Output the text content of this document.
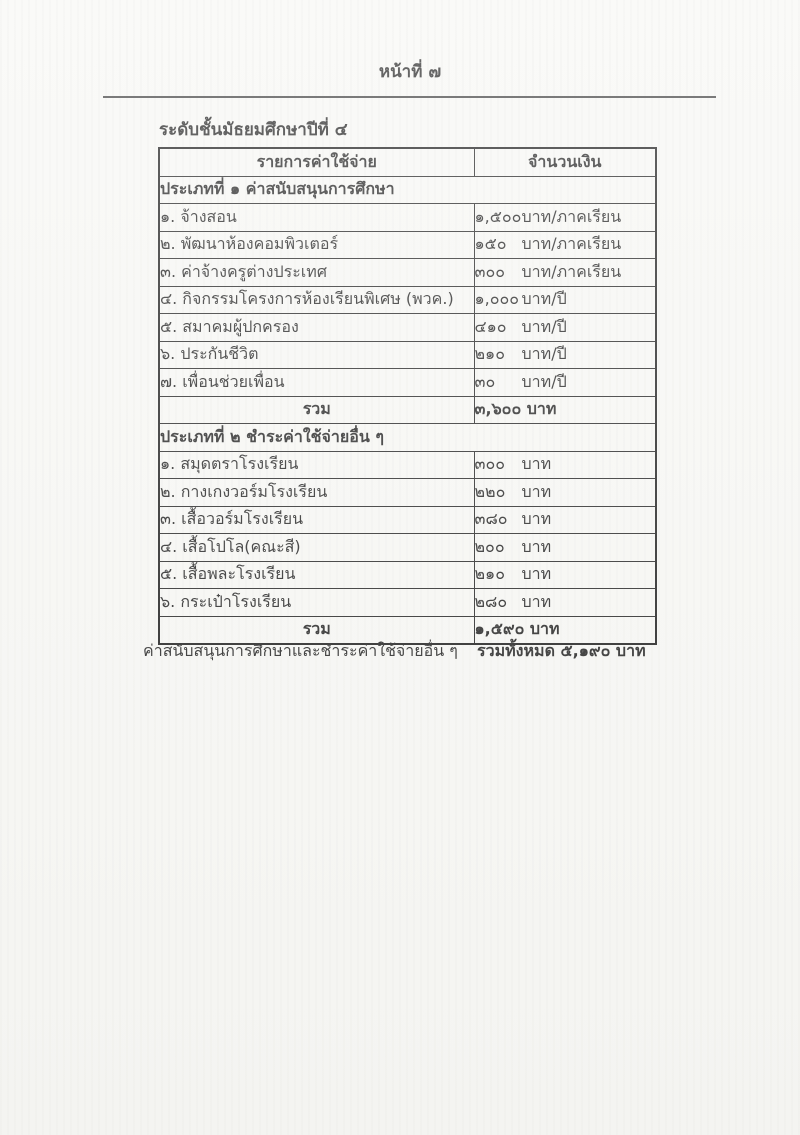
หน้าที่ ๗
ระดับชั้นมัธยมศึกษาปีที่ ๔
รายการค่าใช้จ่าย	จำนวนเงิน
ประเภทที่ ๑ ค่าสนับสนุนการศึกษา	
๑. จ้างสอน	๑,๕๐๐บาท/ภาคเรียน
๒. พัฒนาห้องคอมพิวเตอร์	๑๕๐ บาท/ภาคเรียน
๓. ค่าจ้างครูต่างประเทศ	๓๐๐ บาท/ภาคเรียน
๔. กิจกรรมโครงการห้องเรียนพิเศษ (พวค.)	๑,๐๐๐ บาท/ปี
๕. สมาคมผู้ปกครอง	๔๑๐ บาท/ปี
๖. ประกันชีวิต	๒๑๐ บาท/ปี
๗. เพื่อนช่วยเพื่อน	๓๐ บาท/ปี
รวม	๓,๖๐๐ บาท
ประเภทที่ ๒ ชำระค่าใช้จ่ายอื่น ๆ	
๑. สมุดตราโรงเรียน	๓๐๐ บาท
๒. กางเกงวอร์มโรงเรียน	๒๒๐ บาท
๓. เสื้อวอร์มโรงเรียน	๓๘๐ บาท
๔. เสื้อโปโล(คณะสี)	๒๐๐ บาท
๕. เสื้อพละโรงเรียน	๒๑๐ บาท
๖. กระเป๋าโรงเรียน	๒๘๐ บาท
รวม	๑,๕๙๐ บาท
ค่าสนับสนุนการศึกษาและชำระค่าใช้จ่ายอื่น ๆ รวมทั้งหมด ๕,๑๙๐ บาท
